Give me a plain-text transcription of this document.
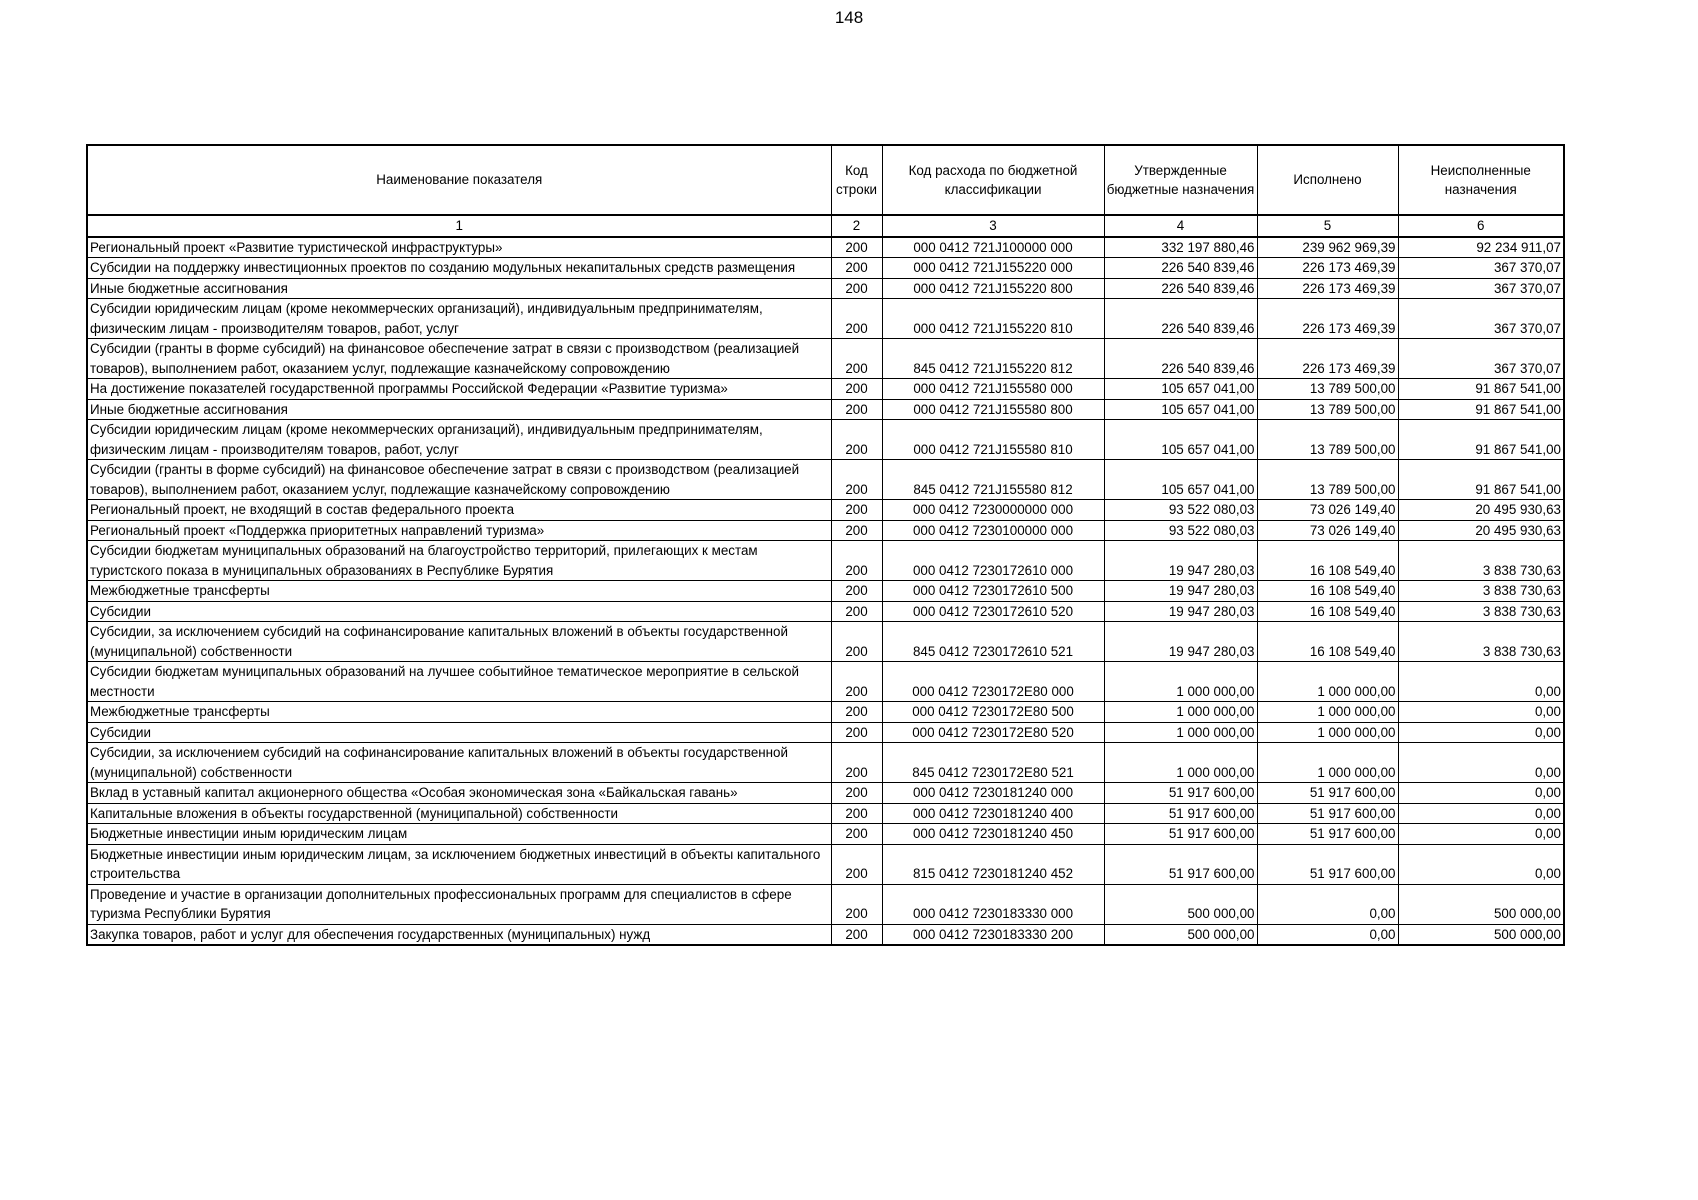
148
Наименование показателя	Код строки	Код расхода по бюджетной классификации	Утвержденные бюджетные назначения	Исполнено	Неисполненные назначения
1	2	3	4	5	6
Региональный проект «Развитие туристической инфраструктуры»	200	000 0412 721J100000 000	332 197 880,46	239 962 969,39	92 234 911,07
Субсидии на поддержку инвестиционных проектов по созданию модульных некапитальных средств размещения	200	000 0412 721J155220 000	226 540 839,46	226 173 469,39	367 370,07
Иные бюджетные ассигнования	200	000 0412 721J155220 800	226 540 839,46	226 173 469,39	367 370,07
Субсидии юридическим лицам (кроме некоммерческих организаций), индивидуальным предпринимателям, физическим лицам - производителям товаров, работ, услуг	200	000 0412 721J155220 810	226 540 839,46	226 173 469,39	367 370,07
Субсидии (гранты в форме субсидий) на финансовое обеспечение затрат в связи с производством (реализацией товаров), выполнением работ, оказанием услуг, подлежащие казначейскому сопровождению	200	845 0412 721J155220 812	226 540 839,46	226 173 469,39	367 370,07
На достижение показателей государственной программы Российской Федерации «Развитие туризма»	200	000 0412 721J155580 000	105 657 041,00	13 789 500,00	91 867 541,00
Иные бюджетные ассигнования	200	000 0412 721J155580 800	105 657 041,00	13 789 500,00	91 867 541,00
Субсидии юридическим лицам (кроме некоммерческих организаций), индивидуальным предпринимателям, физическим лицам - производителям товаров, работ, услуг	200	000 0412 721J155580 810	105 657 041,00	13 789 500,00	91 867 541,00
Субсидии (гранты в форме субсидий) на финансовое обеспечение затрат в связи с производством (реализацией товаров), выполнением работ, оказанием услуг, подлежащие казначейскому сопровождению	200	845 0412 721J155580 812	105 657 041,00	13 789 500,00	91 867 541,00
Региональный проект, не входящий в состав федерального проекта	200	000 0412 7230000000 000	93 522 080,03	73 026 149,40	20 495 930,63
Региональный проект «Поддержка приоритетных направлений туризма»	200	000 0412 7230100000 000	93 522 080,03	73 026 149,40	20 495 930,63
Субсидии бюджетам муниципальных образований на благоустройство территорий, прилегающих к местам туристского показа в муниципальных образованиях в Республике Бурятия	200	000 0412 7230172610 000	19 947 280,03	16 108 549,40	3 838 730,63
Межбюджетные трансферты	200	000 0412 7230172610 500	19 947 280,03	16 108 549,40	3 838 730,63
Субсидии	200	000 0412 7230172610 520	19 947 280,03	16 108 549,40	3 838 730,63
Субсидии, за исключением субсидий на софинансирование капитальных вложений в объекты государственной (муниципальной) собственности	200	845 0412 7230172610 521	19 947 280,03	16 108 549,40	3 838 730,63
Субсидии бюджетам муниципальных образований на лучшее событийное тематическое мероприятие в сельской местности	200	000 0412 7230172E80 000	1 000 000,00	1 000 000,00	0,00
Межбюджетные трансферты	200	000 0412 7230172E80 500	1 000 000,00	1 000 000,00	0,00
Субсидии	200	000 0412 7230172E80 520	1 000 000,00	1 000 000,00	0,00
Субсидии, за исключением субсидий на софинансирование капитальных вложений в объекты государственной (муниципальной) собственности	200	845 0412 7230172E80 521	1 000 000,00	1 000 000,00	0,00
Вклад в уставный капитал акционерного общества «Особая экономическая зона «Байкальская гавань»	200	000 0412 7230181240 000	51 917 600,00	51 917 600,00	0,00
Капитальные вложения в объекты государственной (муниципальной) собственности	200	000 0412 7230181240 400	51 917 600,00	51 917 600,00	0,00
Бюджетные инвестиции иным юридическим лицам	200	000 0412 7230181240 450	51 917 600,00	51 917 600,00	0,00
Бюджетные инвестиции иным юридическим лицам, за исключением бюджетных инвестиций в объекты капитального строительства	200	815 0412 7230181240 452	51 917 600,00	51 917 600,00	0,00
Проведение и участие в организации дополнительных профессиональных программ для специалистов в сфере туризма Республики Бурятия	200	000 0412 7230183330 000	500 000,00	0,00	500 000,00
Закупка товаров, работ и услуг для обеспечения государственных (муниципальных) нужд	200	000 0412 7230183330 200	500 000,00	0,00	500 000,00
